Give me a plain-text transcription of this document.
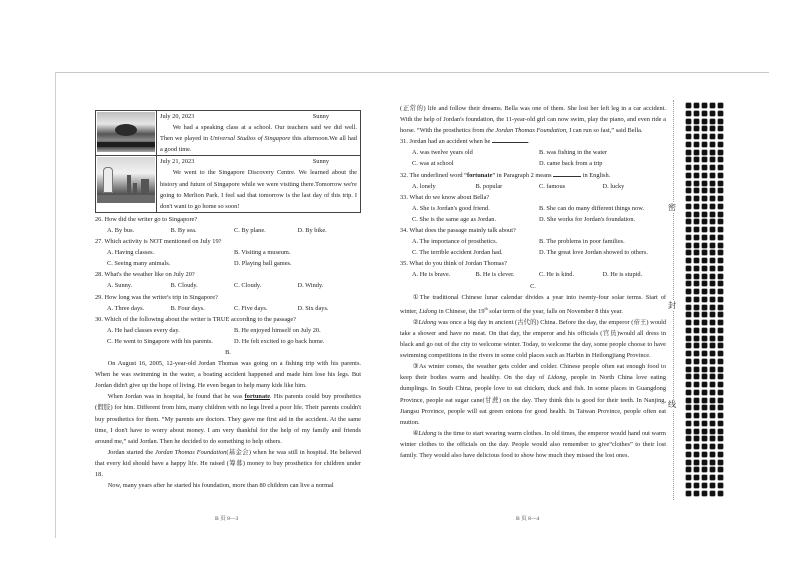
	July 20, 2023 Sunny

We had a speaking class at a school. Our teachers said we did well. Then we played in Universal Studios of Singapore this afternoon.We all had a good time.

	July 21, 2023 Sunny

We went to the Singapore Discovery Centre. We learned about the history and future of Singapore while we were visiting there.Tomorrow we're going to Merlion Park. I feel sad that tomorrow is the last day of this trip. I don't want to go home so soon!

26. How did the writer go to Singapore?

A. By bus.	B. By sea.	C. By plane.	D. By bike.

27. Which activity is NOT mentioned on July 19?

A. Having classes.	B. Visiting a museum.
C. Seeing many animals.	D. Playing ball games.

28. What's the weather like on July 20?

A. Sunny.	B. Cloudy.	C. Cloudy.	D. Windy.

29. How long was the writer's trip in Singapore?

A. Three days.	B. Four days.	C. Five days.	D. Six days.

30. Which of the following about the writer is TRUE according to the passage?

A. He had classes every day.	B. He enjoyed himself on July 20.
C. He went to Singapore with his parents.	D. He felt excited to go back home.

B.

On August 16, 2005, 12-year-old Jordan Thomas was going on a fishing trip with his parents. When he was swimming in the water, a boating accident happened and made him lose his legs. But Jordan didn't give up the hope of living. He even began to help many kids like him.

When Jordan was in hospital, he found that he was fortunate. His parents could buy prosthetics (假肢) for him. Different from him, many children with no legs lived a poor life. Their parents couldn't buy prosthetics for them. “My parents are doctors. They gave me first aid in the accident. At the same time, I don't have to worry about money. I am very thankful for the help of my family and friends around me,” said Jordan. Then he decided to do something to help others.

Jordan started the Jordan Thomas Foundation(基金会) when he was still in hospital. He believed that every kid should have a happy life. He raised (筹募) money to buy prosthetics for children under 18.

Now, many years after he started his foundation, more than 80 children can live a normal

B 页 8—3

(正常的) life and follow their dreams. Bella was one of them. She lost her left leg in a car accident. With the help of Jordan's foundation, the 11-year-old girl can now swim, play the piano, and even ride a horse. “With the prosthetics from the Jordan Thomas Foundation, I can run so fast,” said Bella.

31. Jordan had an accident when he	.

A. was twelve years old	B. was fishing in the water
C. was at school	D. came back from a trip

32. The underlined word “fortunate” in Paragraph 2 means	in English.

A. lonely	B. popular	C. famous	D. lucky

33. What do we know about Bella?

A. She is Jordan's good friend.	B. She can do many different things now.
C. She is the same age as Jordan.	D. She works for Jordan's foundation.

34. What does the passage mainly talk about?

A. The importance of prosthetics.	B. The problems in poor families.
C. The terrible accident Jordan had.	D. The great love Jordan showed to others.

35. What do you think of Jordan Thomas?

A. He is brave.	B. He is clever.	C. He is kind.	D. He is stupid.

C.

①The traditional Chinese lunar calendar divides a year into twenty-four solar terms. Start of winter, Lidong in Chinese, the 19th solar term of the year, falls on November 8 this year.

②Lidong was once a big day in ancient (古代的) China. Before the day, the emperor (帝王) would take a shower and have no meat. On that day, the emperor and his officials (官员)would all dress in black and go out of the city to welcome winter. Today, to welcome the day, some people choose to have swimming competitions in the rivers in some cold places such as Harbin in Heilongjiang Province.

③As winter comes, the weather gets colder and colder. Chinese people often eat enough food to keep their bodies warm and healthy. On the day of Lidong, people in North China love eating dumplings. In South China, people love to eat chicken, duck and fish. In some places in Guangdong Province, people eat sugar cane(甘蔗) on the day. They think this is good for their teeth. In Nanjing, Jiangsu Province, people will eat green onions for good health. In Taiwan Province, people often eat mutton.

④Lidong is the time to start wearing warm clothes. In old times, the emperor would hand out warm winter clothes to the officials on the day. People would also remember to give“clothes” to their lost family. They would also have delicious food to show how much they missed the lost ones.

B 页 8—4
密
封
线
